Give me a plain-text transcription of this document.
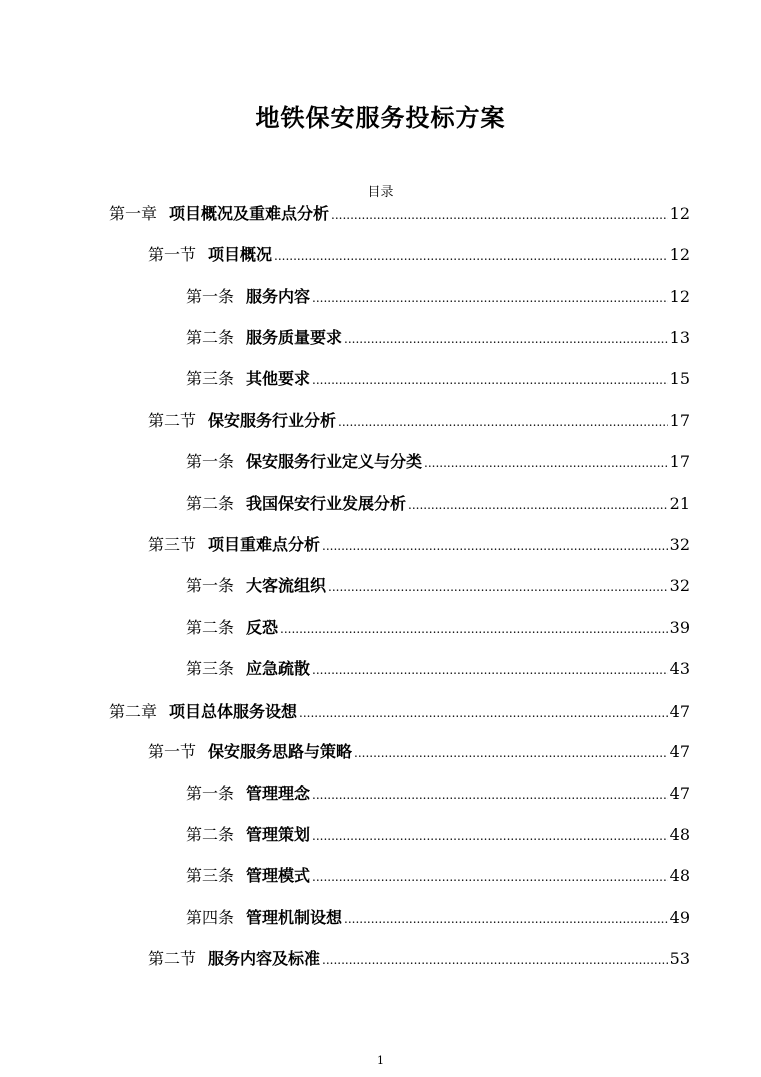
地铁保安服务投标方案
目录
第一章 项目概况及重难点分析 .....	12
第一节 项目概况 .....	12
第一条 服务内容 .....	12
第二条 服务质量要求 .....	13
第三条 其他要求 .....	15
第二节 保安服务行业分析 .....	17
第一条 保安服务行业定义与分类 .....	17
第二条 我国保安行业发展分析 .....	21
第三节 项目重难点分析 .....	32
第一条 大客流组织 .....	32
第二条 反恐 .....	39
第三条 应急疏散 .....	43
第二章 项目总体服务设想 .....	47
第一节 保安服务思路与策略 .....	47
第一条 管理理念 .....	47
第二条 管理策划 .....	48
第三条 管理模式 .....	48
第四条 管理机制设想 .....	49
第二节 服务内容及标准 .....	53
1
